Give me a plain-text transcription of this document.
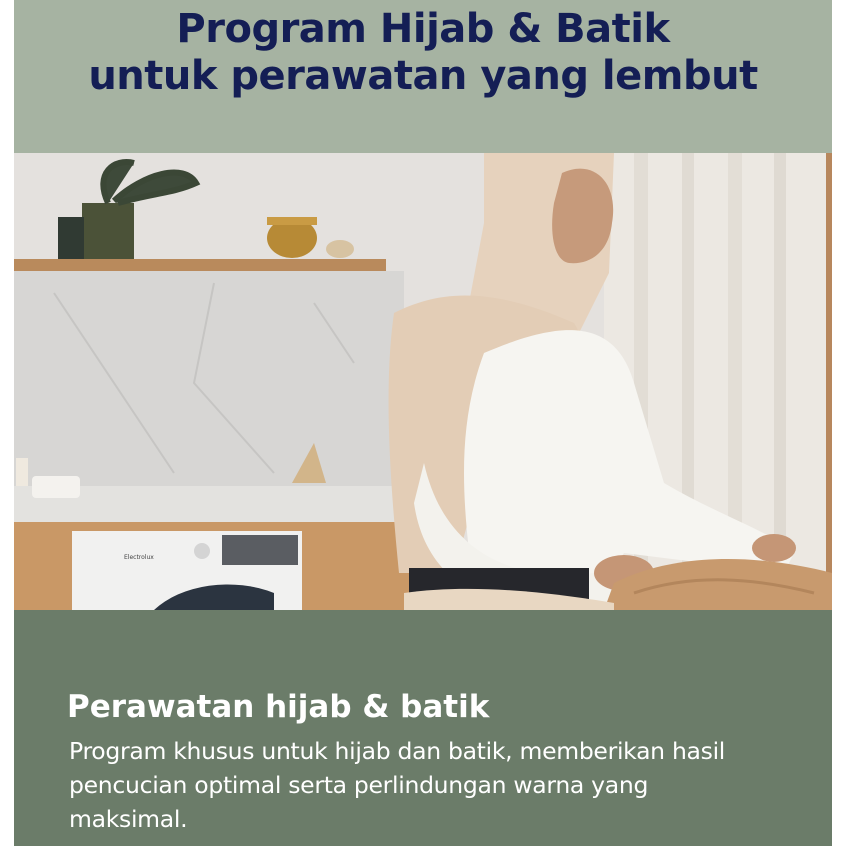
Program Hijab & Batik
untuk perawatan yang lembut
Electrolux
Perawatan hijab & batik

Program khusus untuk hijab dan batik, memberikan hasil pencucian optimal serta perlindungan warna yang maksimal.
